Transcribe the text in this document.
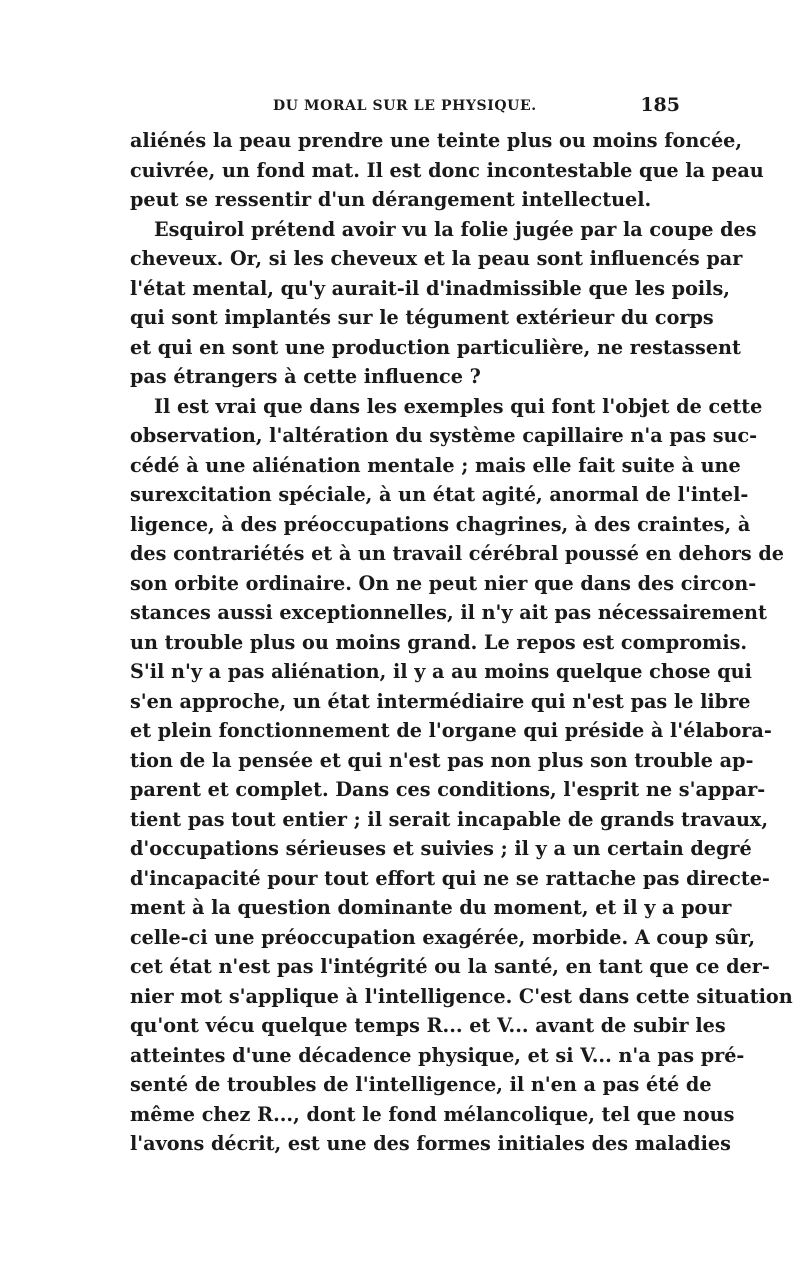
DU MORAL SUR LE PHYSIQUE.	185
aliénés la peau prendre une teinte plus ou moins foncée,
cuivrée, un fond mat. Il est donc incontestable que la peau
peut se ressentir d'un dérangement intellectuel.
Esquirol prétend avoir vu la folie jugée par la coupe des
cheveux. Or, si les cheveux et la peau sont influencés par
l'état mental, qu'y aurait-il d'inadmissible que les poils,
qui sont implantés sur le tégument extérieur du corps
et qui en sont une production particulière, ne restassent
pas étrangers à cette influence ?
Il est vrai que dans les exemples qui font l'objet de cette
observation, l'altération du système capillaire n'a pas suc-
cédé à une aliénation mentale ; mais elle fait suite à une
surexcitation spéciale, à un état agité, anormal de l'intel-
ligence, à des préoccupations chagrines, à des craintes, à
des contrariétés et à un travail cérébral poussé en dehors de
son orbite ordinaire. On ne peut nier que dans des circon-
stances aussi exceptionnelles, il n'y ait pas nécessairement
un trouble plus ou moins grand. Le repos est compromis.
S'il n'y a pas aliénation, il y a au moins quelque chose qui
s'en approche, un état intermédiaire qui n'est pas le libre
et plein fonctionnement de l'organe qui préside à l'élabora-
tion de la pensée et qui n'est pas non plus son trouble ap-
parent et complet. Dans ces conditions, l'esprit ne s'appar-
tient pas tout entier ; il serait incapable de grands travaux,
d'occupations sérieuses et suivies ; il y a un certain degré
d'incapacité pour tout effort qui ne se rattache pas directe-
ment à la question dominante du moment, et il y a pour
celle-ci une préoccupation exagérée, morbide. A coup sûr,
cet état n'est pas l'intégrité ou la santé, en tant que ce der-
nier mot s'applique à l'intelligence. C'est dans cette situation
qu'ont vécu quelque temps R... et V... avant de subir les
atteintes d'une décadence physique, et si V... n'a pas pré-
senté de troubles de l'intelligence, il n'en a pas été de
même chez R..., dont le fond mélancolique, tel que nous
l'avons décrit, est une des formes initiales des maladies
